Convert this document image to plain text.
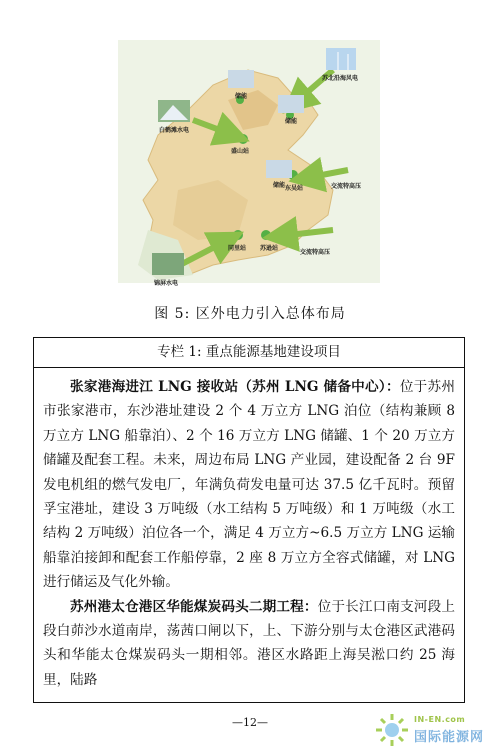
苏北沿海风电
白鹤滩水电
储能
储能
储能
盛山站
东吴站	交流特高压
同里站 苏逊站
交流特高压
锦屏水电
图 5: 区外电力引入总体布局
专栏 1: 重点能源基地建设项目

张家港海进江 LNG 接收站（苏州 LNG 储备中心）：位于苏州市张家港市，东沙港址建设 2 个 4 万立方 LNG 泊位（结构兼顾 8 万立方 LNG 船靠泊）、2 个 16 万立方 LNG 储罐、1 个 20 万立方储罐及配套工程。未来，周边布局 LNG 产业园，建设配备 2 台 9F 发电机组的燃气发电厂，年满负荷发电量可达 37.5 亿千瓦时。预留孚宝港址，建设 3 万吨级（水工结构 5 万吨级）和 1 万吨级（水工结构 2 万吨级）泊位各一个，满足 4 万立方~6.5 万立方 LNG 运输船靠泊接卸和配套工作船停靠，2 座 8 万立方全容式储罐，对 LNG 进行储运及气化外输。

苏州港太仓港区华能煤炭码头二期工程：位于长江口南支河段上段白茆沙水道南岸，荡茜口闸以下，上、下游分别与太仓港区武港码头和华能太仓煤炭码头一期相邻。港区水路距上海吴淞口约 25 海里，陆路

—12—	IN-EN.com
国际能源网
